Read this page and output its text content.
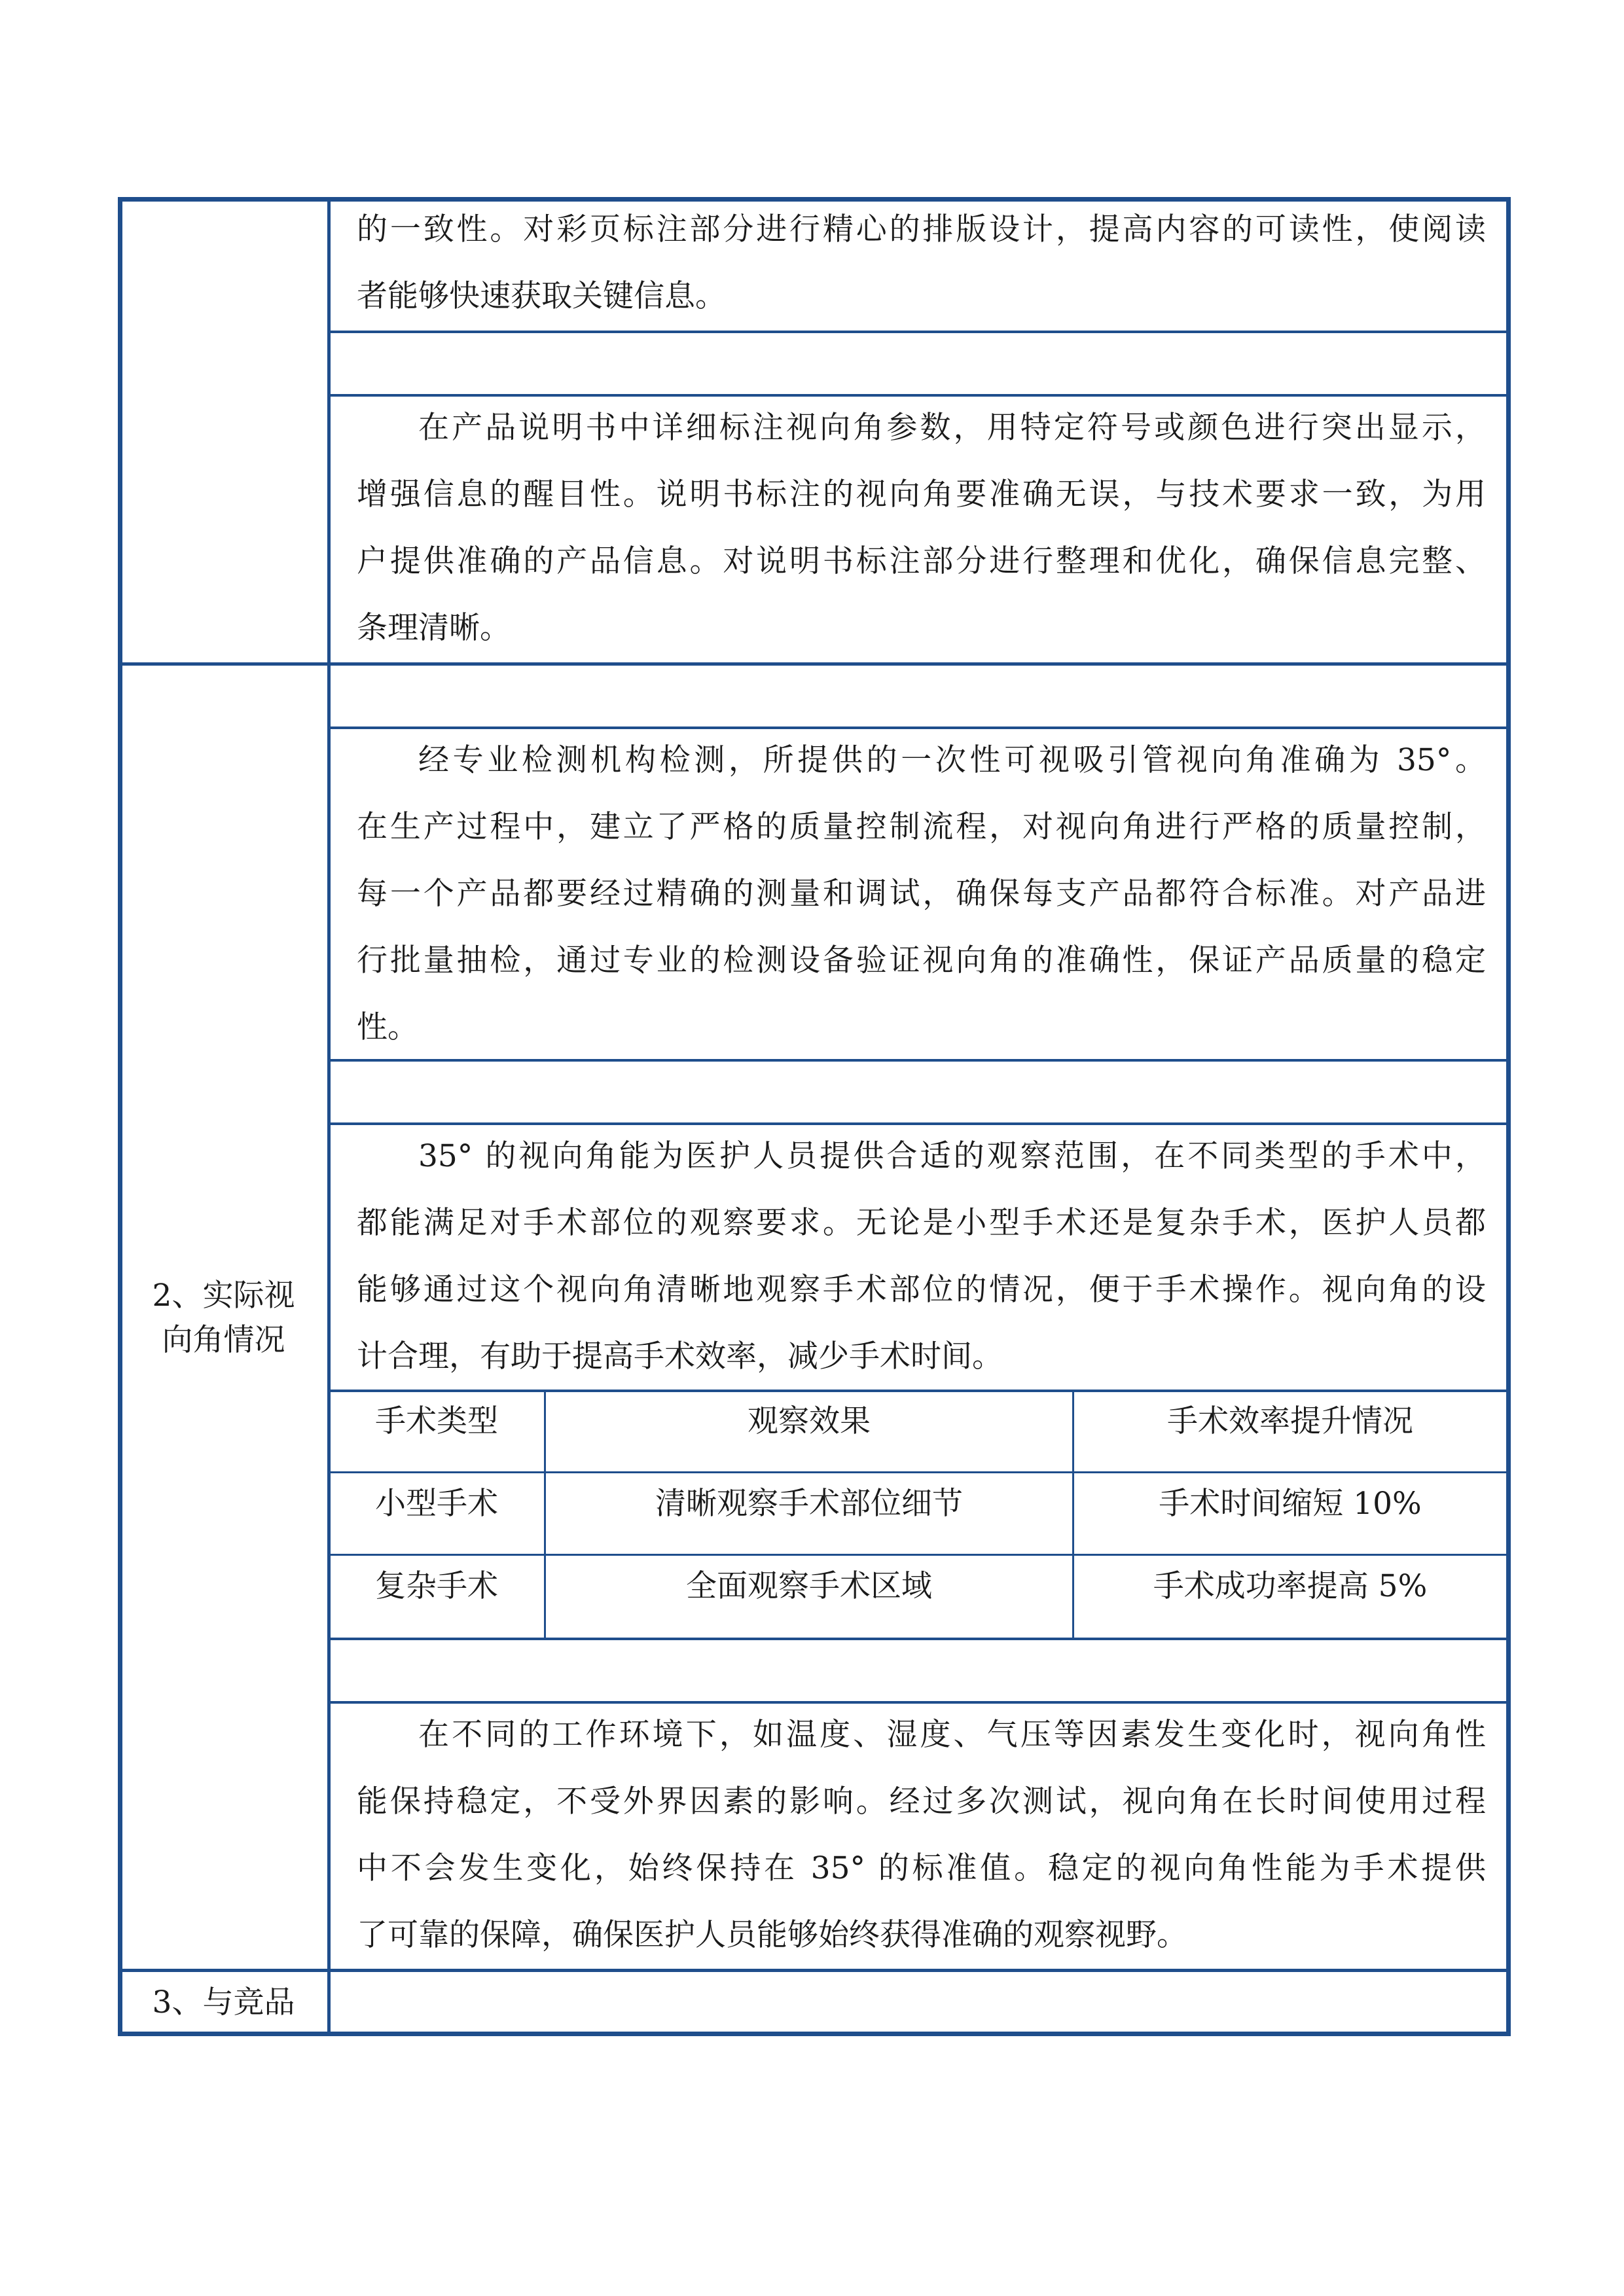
的一致性。对彩页标注部分进行精心的排版设计，提高内容的可读性，使阅读
者能够快速获取关键信息。
在产品说明书中详细标注视向角参数，用特定符号或颜色进行突出显示，
增强信息的醒目性。说明书标注的视向角要准确无误，与技术要求一致，为用
户提供准确的产品信息。对说明书标注部分进行整理和优化，确保信息完整、
条理清晰。
2、实际视
向角情况
经专业检测机构检测，所提供的一次性可视吸引管视向角准确为 35°。
在生产过程中，建立了严格的质量控制流程，对视向角进行严格的质量控制，
每一个产品都要经过精确的测量和调试，确保每支产品都符合标准。对产品进
行批量抽检，通过专业的检测设备验证视向角的准确性，保证产品质量的稳定
性。
35° 的视向角能为医护人员提供合适的观察范围，在不同类型的手术中，
都能满足对手术部位的观察要求。无论是小型手术还是复杂手术，医护人员都
能够通过这个视向角清晰地观察手术部位的情况，便于手术操作。视向角的设
计合理，有助于提高手术效率，减少手术时间。
手术类型	观察效果	手术效率提升情况
小型手术	清晰观察手术部位细节	手术时间缩短 10%
复杂手术	全面观察手术区域	手术成功率提高 5%
在不同的工作环境下，如温度、湿度、气压等因素发生变化时，视向角性
能保持稳定，不受外界因素的影响。经过多次测试，视向角在长时间使用过程
中不会发生变化，始终保持在 35° 的标准值。稳定的视向角性能为手术提供
了可靠的保障，确保医护人员能够始终获得准确的观察视野。
3、与竞品
